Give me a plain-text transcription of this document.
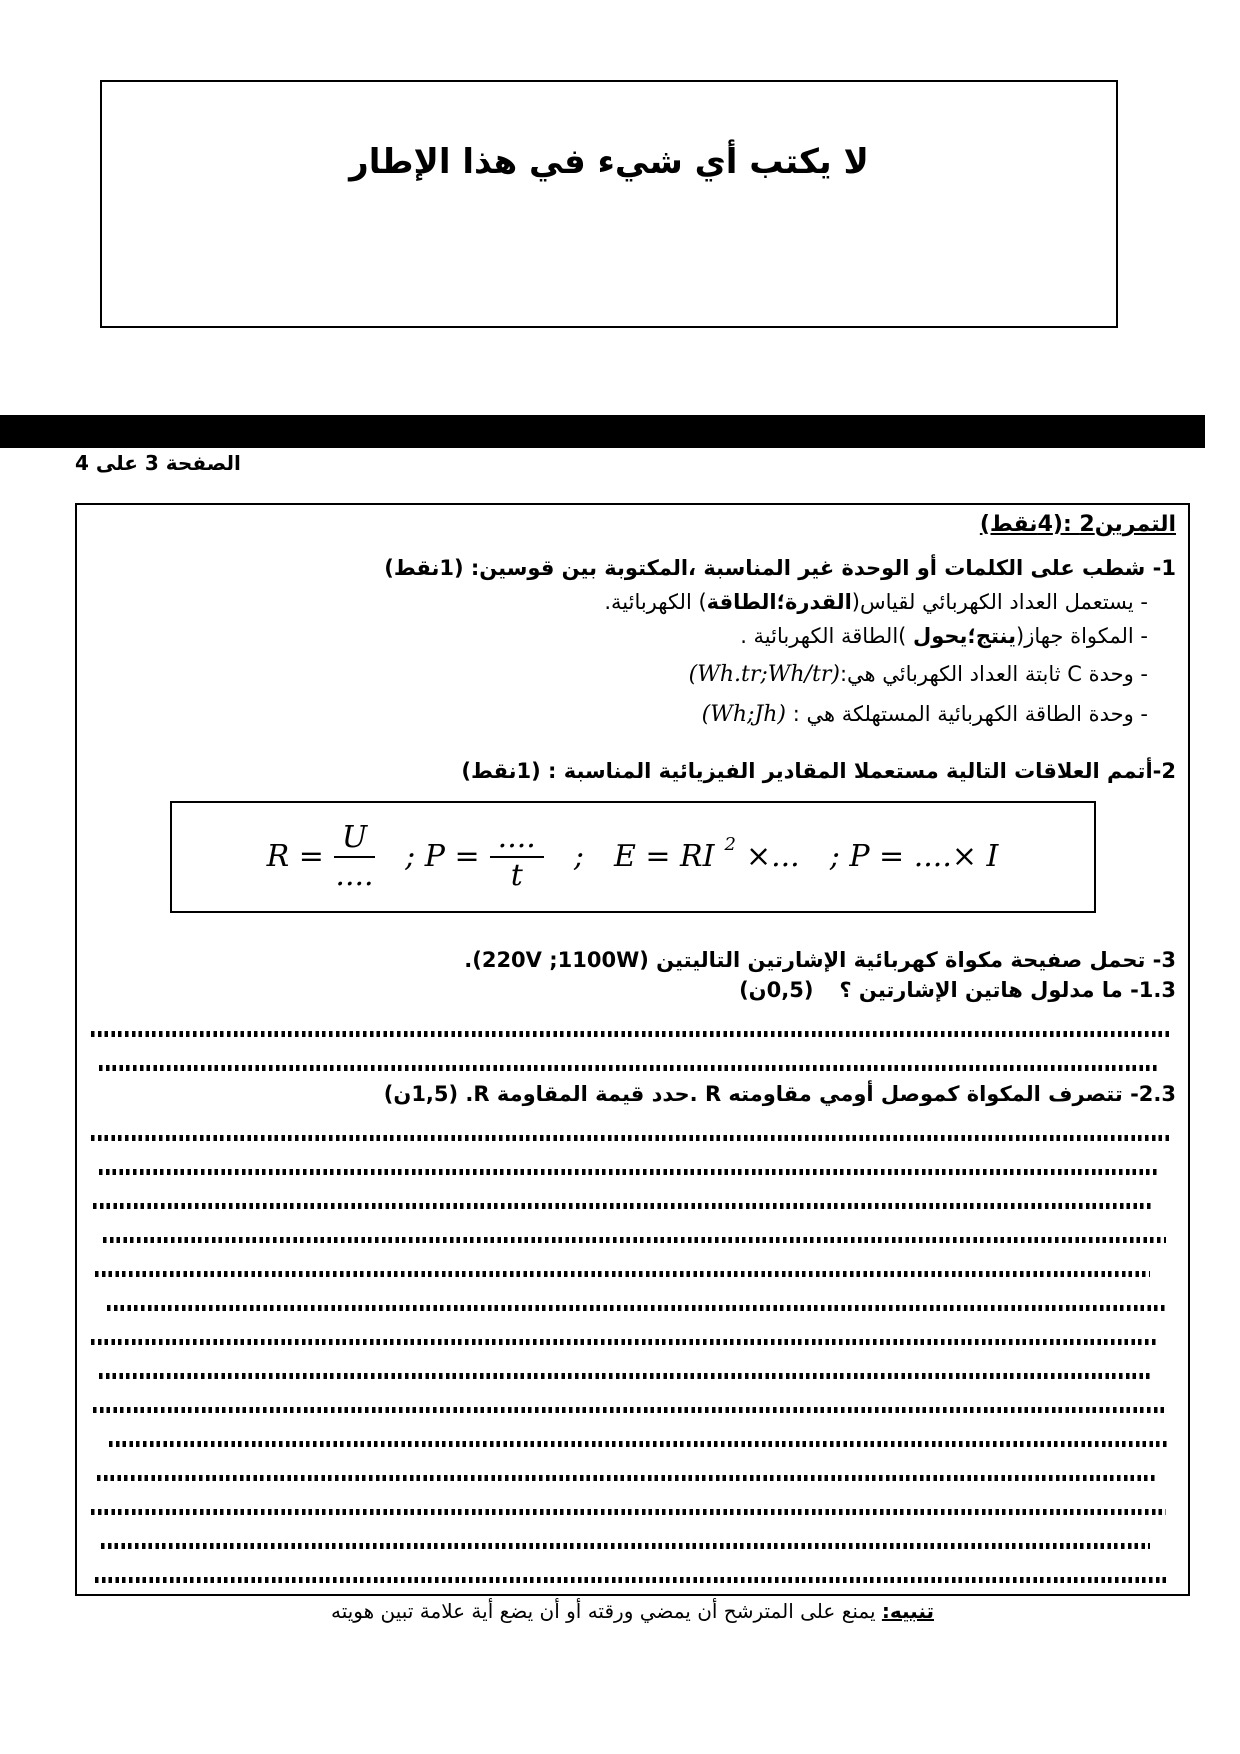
لا يكتب أي شيء في هذا الإطار
الصفحة 3 على 4
التمرين2 :(4نقط)
1- شطب على الكلمات أو الوحدة غير المناسبة ،المكتوبة بين قوسين: (1نقط)
- يستعمل العداد الكهربائي لقياس(القدرة؛الطاقة) الكهربائية.
- المكواة جهاز(ينتج؛يحول )الطاقة الكهربائية .
- وحدة C ثابتة العداد الكهربائي هي:(Wh.tr;Wh/tr)
- وحدة الطاقة الكهربائية المستهلكة هي : (Wh;Jh)
2-أتمم العلاقات التالية مستعملا المقادير الفيزيائية المناسبة : (1نقط)
$R = \frac{U}{....}$ ; $P = \frac{....}{t}$ ; E = RI 2 ×... ; P = ....× I
3- تحمل صفيحة مكواة كهربائية الإشارتين التاليتين (220V ;1100W).
1.3- ما مدلول هاتين الإشارتين ؟(0,5ن)
2.3- تتصرف المكواة كموصل أومي مقاومته R .حدد قيمة المقاومة R. (1,5ن)
تنبيه: يمنع على المترشح أن يمضي ورقته أو أن يضع أية علامة تبين هويته
